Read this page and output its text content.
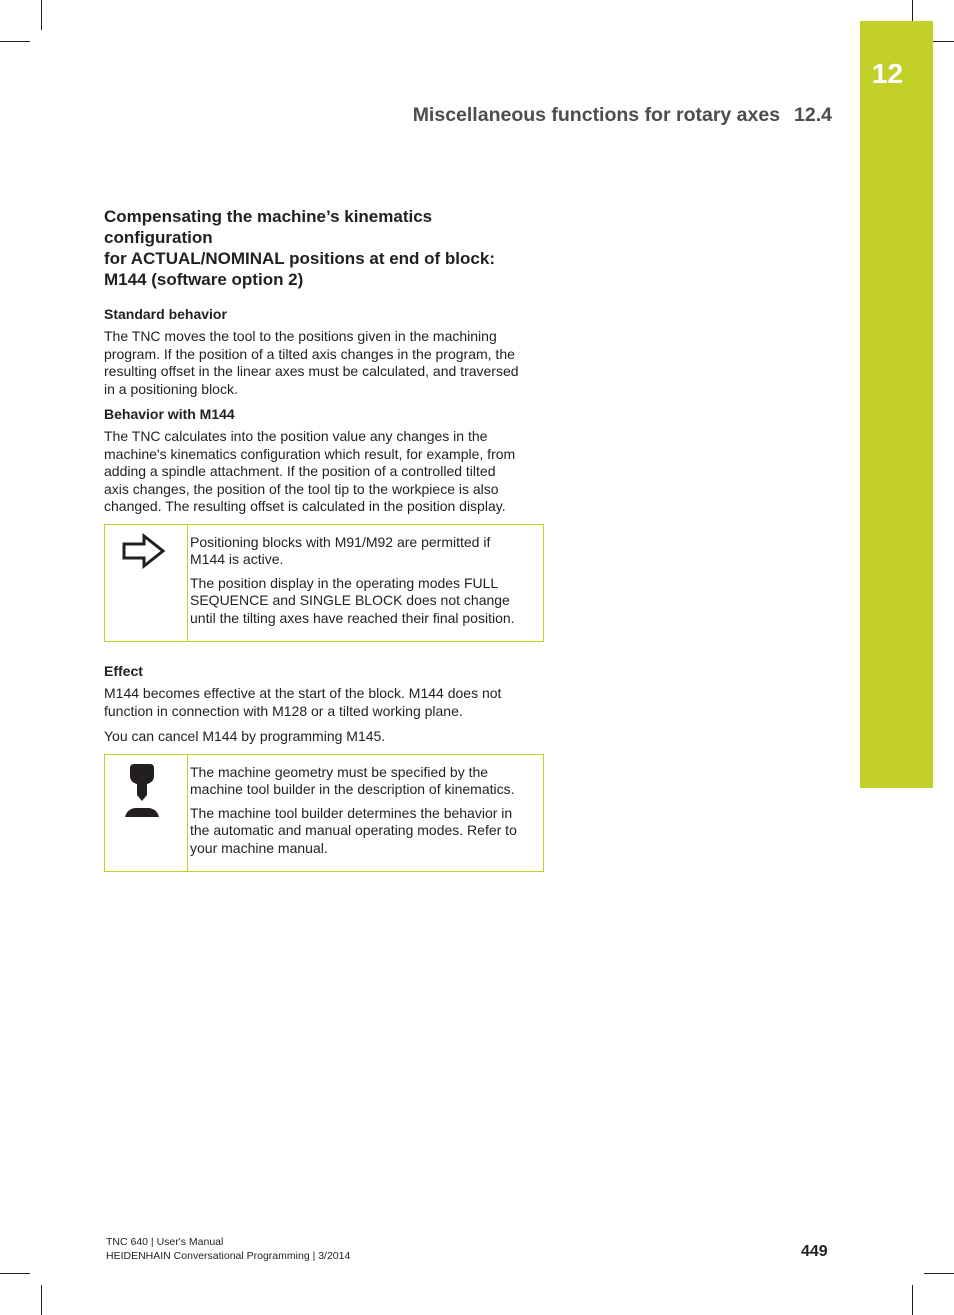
12
Miscellaneous functions for rotary axes 12.4
Compensating the machine’s kinematics configuration
for ACTUAL/NOMINAL positions at end of block:
M144 (software option 2)
Standard behavior

The TNC moves the tool to the positions given in the machining
program. If the position of a tilted axis changes in the program, the
resulting offset in the linear axes must be calculated, and traversed
in a positioning block.

Behavior with M144

The TNC calculates into the position value any changes in the
machine's kinematics configuration which result, for example, from
adding a spindle attachment. If the position of a controlled tilted
axis changes, the position of the tool tip to the workpiece is also
changed. The resulting offset is calculated in the position display.

Positioning blocks with M91/M92 are permitted if
M144 is active.

The position display in the operating modes FULL
SEQUENCE and SINGLE BLOCK does not change
until the tilting axes have reached their final position.

Effect

M144 becomes effective at the start of the block. M144 does not
function in connection with M128 or a tilted working plane.

You can cancel M144 by programming M145.

The machine geometry must be specified by the
machine tool builder in the description of kinematics.

The machine tool builder determines the behavior in
the automatic and manual operating modes. Refer to
your machine manual.

TNC 640 | User's Manual
HEIDENHAIN Conversational Programming | 3/2014	449
